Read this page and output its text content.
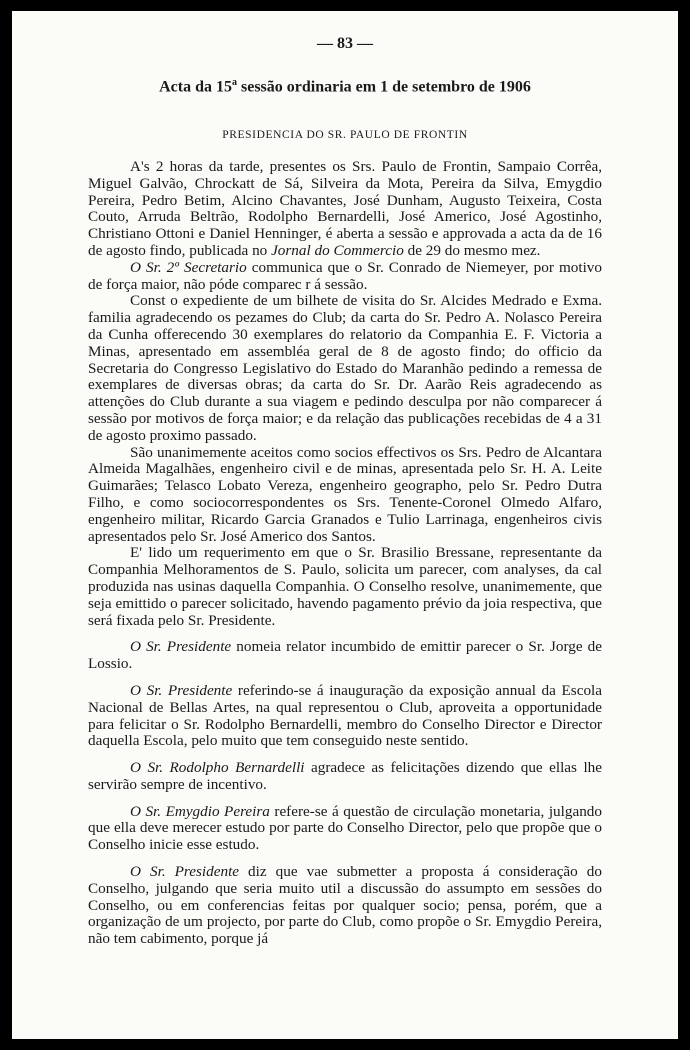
— 83 —
Acta da 15$^a$ sessão ordinaria em 1 de setembro de 1906
PRESIDENCIA DO SR. PAULO DE FRONTIN

A's 2 horas da tarde, presentes os Srs. Paulo de Frontin, Sampaio Corrêa, Miguel Galvão, Chrockatt de Sá, Silveira da Mota, Pereira da Silva, Emygdio Pereira, Pedro Betim, Alcino Chavantes, José Dunham, Augusto Teixeira, Costa Couto, Arruda Beltrão, Rodolpho Bernardelli, José Americo, José Agostinho, Christiano Ottoni e Daniel Henninger, é aberta a sessão e approvada a acta da de 16 de agosto findo, publicada no Jornal do Commercio de 29 do mesmo mez.

O Sr. 2º Secretario communica que o Sr. Conrado de Niemeyer, por motivo de força maior, não póde comparec r á sessão.

Const o expediente de um bilhete de visita do Sr. Alcides Medrado e Exma. familia agradecendo os pezames do Club; da carta do Sr. Pedro A. Nolasco Pereira da Cunha offerecendo 30 exemplares do relatorio da Companhia E. F. Victoria a Minas, apresentado em assembléa geral de 8 de agosto findo; do officio da Secretaria do Congresso Legislativo do Estado do Maranhão pedindo a remessa de exemplares de diversas obras; da carta do Sr. Dr. Aarão Reis agradecendo as attenções do Club durante a sua viagem e pedindo desculpa por não comparecer á sessão por motivos de força maior; e da relação das publicações recebidas de 4 a 31 de agosto proximo passado.

São unanimemente aceitos como socios effectivos os Srs. Pedro de Alcantara Almeida Magalhães, engenheiro civil e de minas, apresentada pelo Sr. H. A. Leite Guimarães; Telasco Lobato Vereza, engenheiro geographo, pelo Sr. Pedro Dutra Filho, e como sociocorrespondentes os Srs. Tenente-Coronel Olmedo Alfaro, engenheiro militar, Ricardo Garcia Granados e Tulio Larrinaga, engenheiros civis apresentados pelo Sr. José Americo dos Santos.

E' lido um requerimento em que o Sr. Brasilio Bressane, representante da Companhia Melhoramentos de S. Paulo, solicita um parecer, com analyses, da cal produzida nas usinas daquella Companhia. O Conselho resolve, unanimemente, que seja emittido o parecer solicitado, havendo pagamento prévio da joia respectiva, que será fixada pelo Sr. Presidente.

O Sr. Presidente nomeia relator incumbido de emittir parecer o Sr. Jorge de Lossio.

O Sr. Presidente referindo-se á inauguração da exposição annual da Escola Nacional de Bellas Artes, na qual representou o Club, aproveita a opportunidade para felicitar o Sr. Rodolpho Bernardelli, membro do Conselho Director e Director daquella Escola, pelo muito que tem conseguido neste sentido.

O Sr. Rodolpho Bernardelli agradece as felicitações dizendo que ellas lhe servirão sempre de incentivo.

O Sr. Emygdio Pereira refere-se á questão de circulação monetaria, julgando que ella deve merecer estudo por parte do Conselho Director, pelo que propõe que o Conselho inicie esse estudo.

O Sr. Presidente diz que vae submetter a proposta á consideração do Conselho, julgando que seria muito util a discussão do assumpto em sessões do Conselho, ou em conferencias feitas por qualquer socio; pensa, porém, que a organização de um projecto, por parte do Club, como propõe o Sr. Emygdio Pereira, não tem cabimento, porque já
